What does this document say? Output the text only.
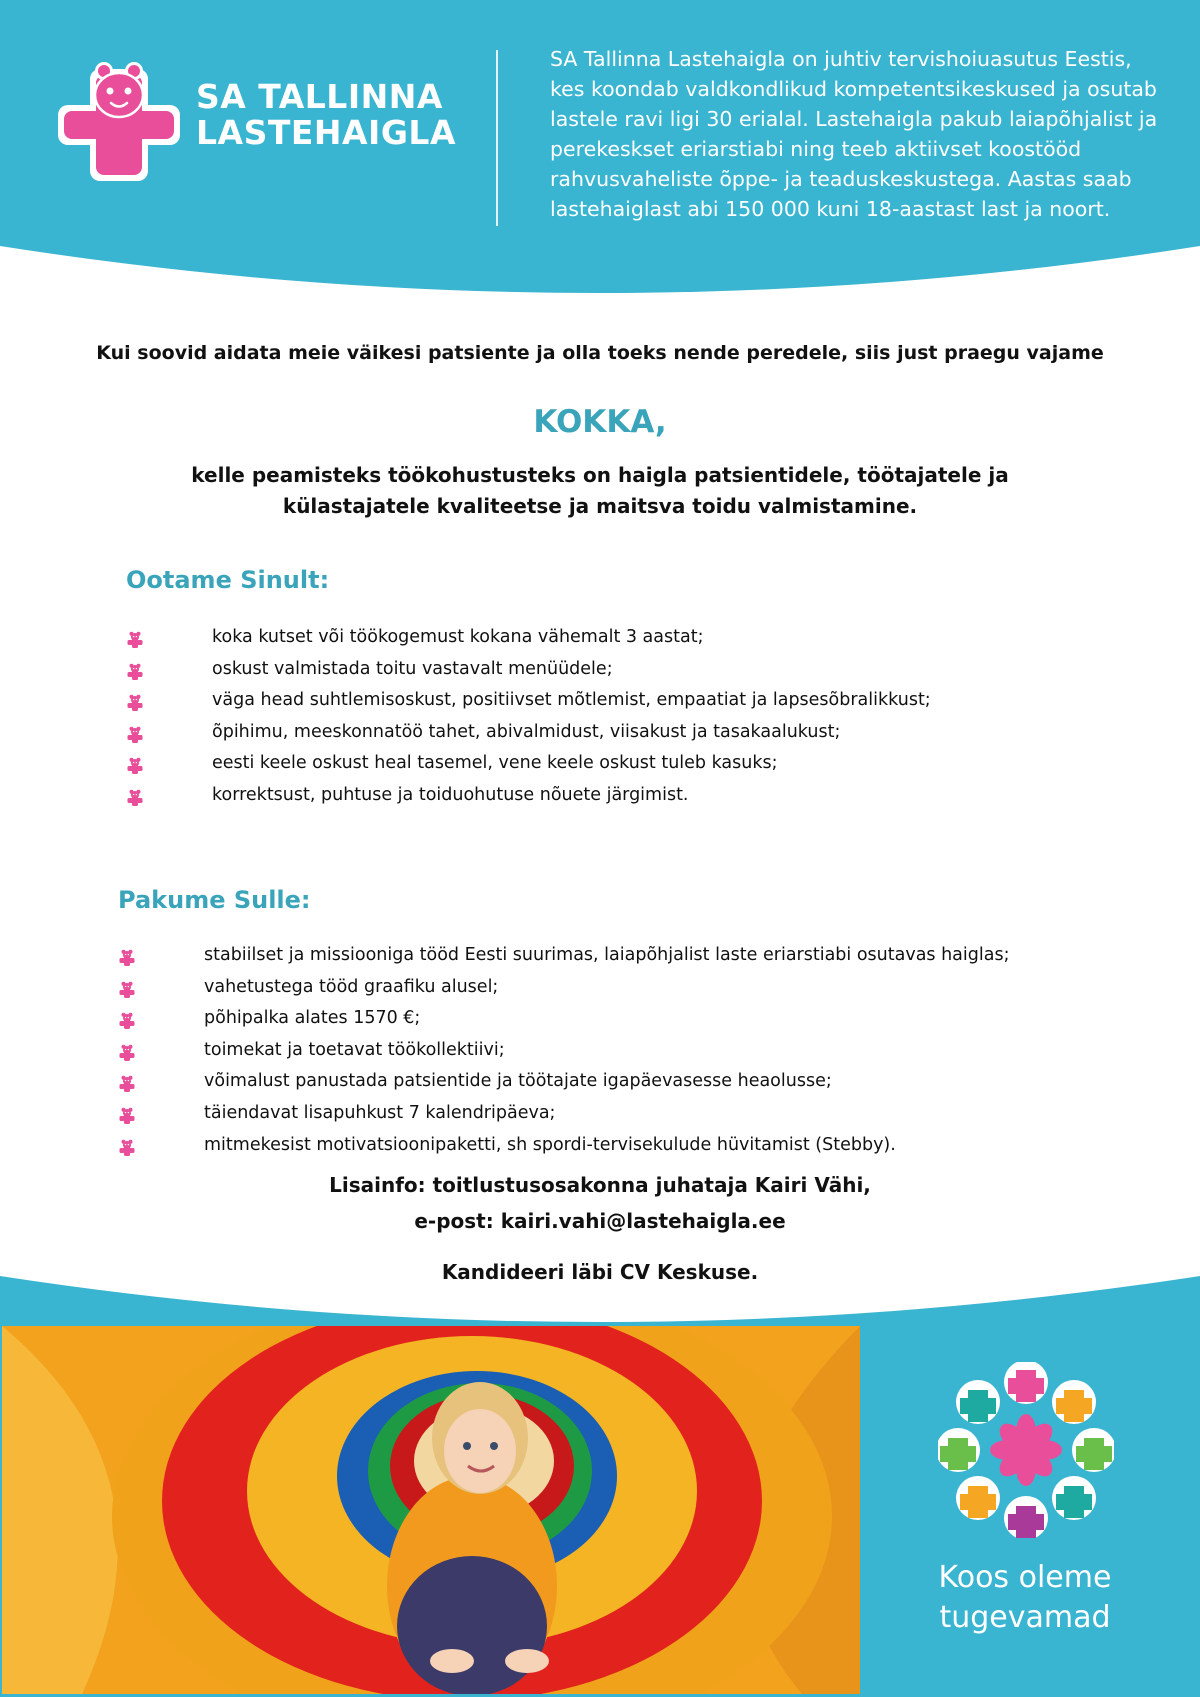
SA TALLINNA
LASTEHAIGLA

SA Tallinna Lastehaigla on juhtiv tervishoiuasutus Eestis, kes koondab valdkondlikud kompetentsikeskused ja osutab lastele ravi ligi 30 erialal. Lastehaigla pakub laiapõhjalist ja perekeskset eriarstiabi ning teeb aktiivset koostööd rahvusvaheliste õppe- ja teaduskeskustega. Aastas saab lastehaiglast abi 150 000 kuni 18-aastast last ja noort.

Kui soovid aidata meie väikesi patsiente ja olla toeks nende peredele, siis just praegu vajame

KOKKA,

kelle peamisteks töökohustusteks on haigla patsientidele, töötajatele ja külastajatele kvaliteetse ja maitsva toidu valmistamine.

Ootame Sinult:
koka kutset või töökogemust kokana vähemalt 3 aastat;
oskust valmistada toitu vastavalt menüüdele;
väga head suhtlemisoskust, positiivset mõtlemist, empaatiat ja lapsesõbralikkust;
õpihimu, meeskonnatöö tahet, abivalmidust, viisakust ja tasakaalukust;
eesti keele oskust heal tasemel, vene keele oskust tuleb kasuks;
korrektsust, puhtuse ja toiduohutuse nõuete järgimist.
Pakume Sulle:
stabiilset ja missiooniga tööd Eesti suurimas, laiapõhjalist laste eriarstiabi osutavas haiglas;
vahetustega tööd graafiku alusel;
põhipalka alates 1570 €;
toimekat ja toetavat töökollektiivi;
võimalust panustada patsientide ja töötajate igapäevasesse heaolusse;
täiendavat lisapuhkust 7 kalendripäeva;
mitmekesist motivatsioonipaketti, sh spordi-tervisekulude hüvitamist (Stebby).

Lisainfo: toitlustusosakonna juhataja Kairi Vähi,

e-post: kairi.vahi@lastehaigla.ee

Kandideeri läbi CV Keskuse.

Koos oleme
tugevamad
